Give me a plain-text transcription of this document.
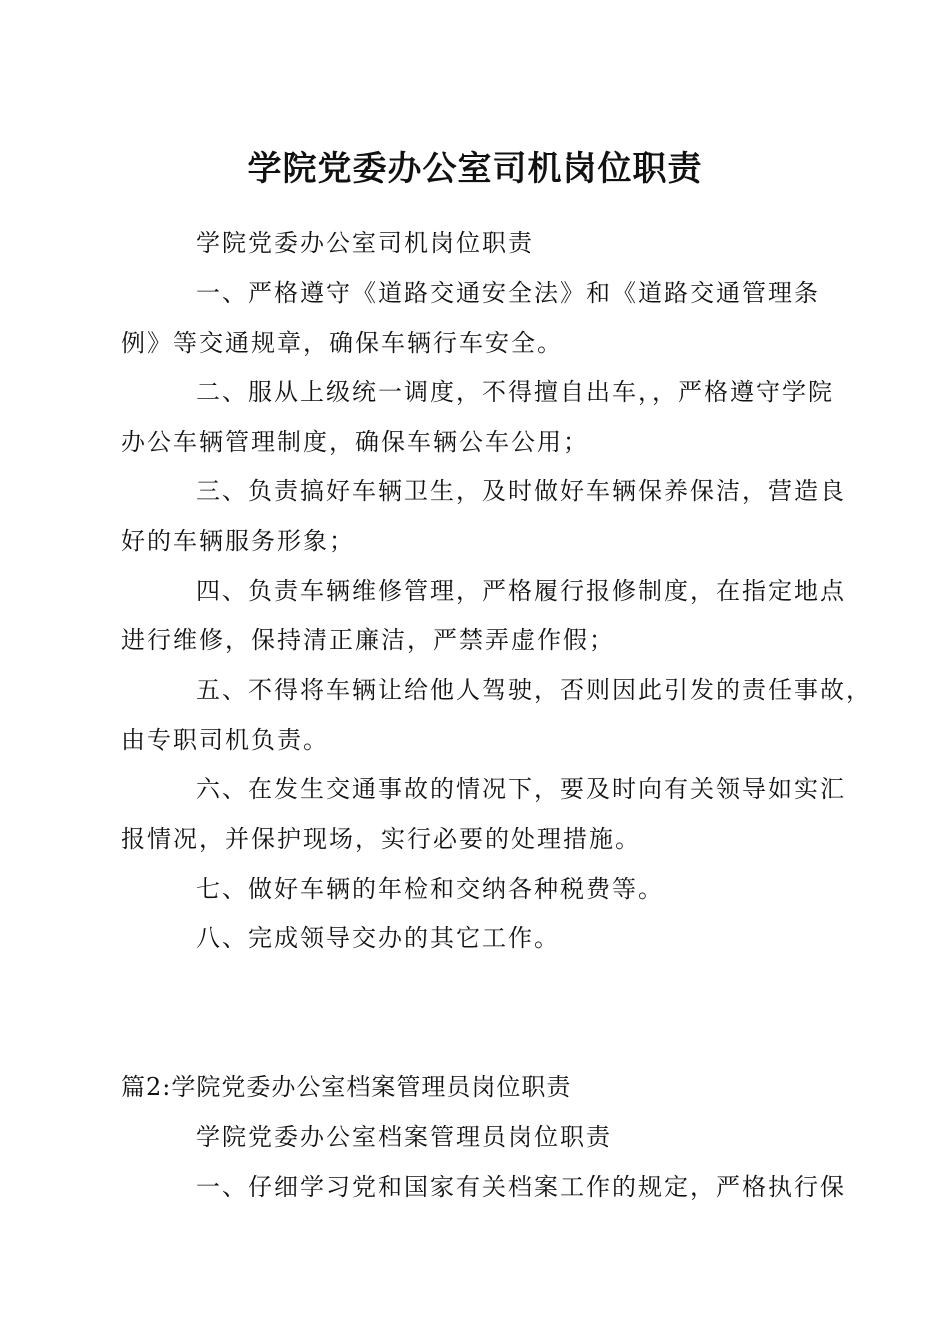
学院党委办公室司机岗位职责
学院党委办公室司机岗位职责
一、严格遵守《道路交通安全法》和《道路交通管理条
例》等交通规章，确保车辆行车安全。
二、服从上级统一调度，不得擅自出车，，严格遵守学院
办公车辆管理制度，确保车辆公车公用；
三、负责搞好车辆卫生，及时做好车辆保养保洁，营造良
好的车辆服务形象；
四、负责车辆维修管理，严格履行报修制度，在指定地点
进行维修，保持清正廉洁，严禁弄虚作假；
五、不得将车辆让给他人驾驶，否则因此引发的责任事故，
由专职司机负责。
六、在发生交通事故的情况下，要及时向有关领导如实汇
报情况，并保护现场，实行必要的处理措施。
七、做好车辆的年检和交纳各种税费等。
八、完成领导交办的其它工作。
篇2:学院党委办公室档案管理员岗位职责
学院党委办公室档案管理员岗位职责
一、仔细学习党和国家有关档案工作的规定，严格执行保
